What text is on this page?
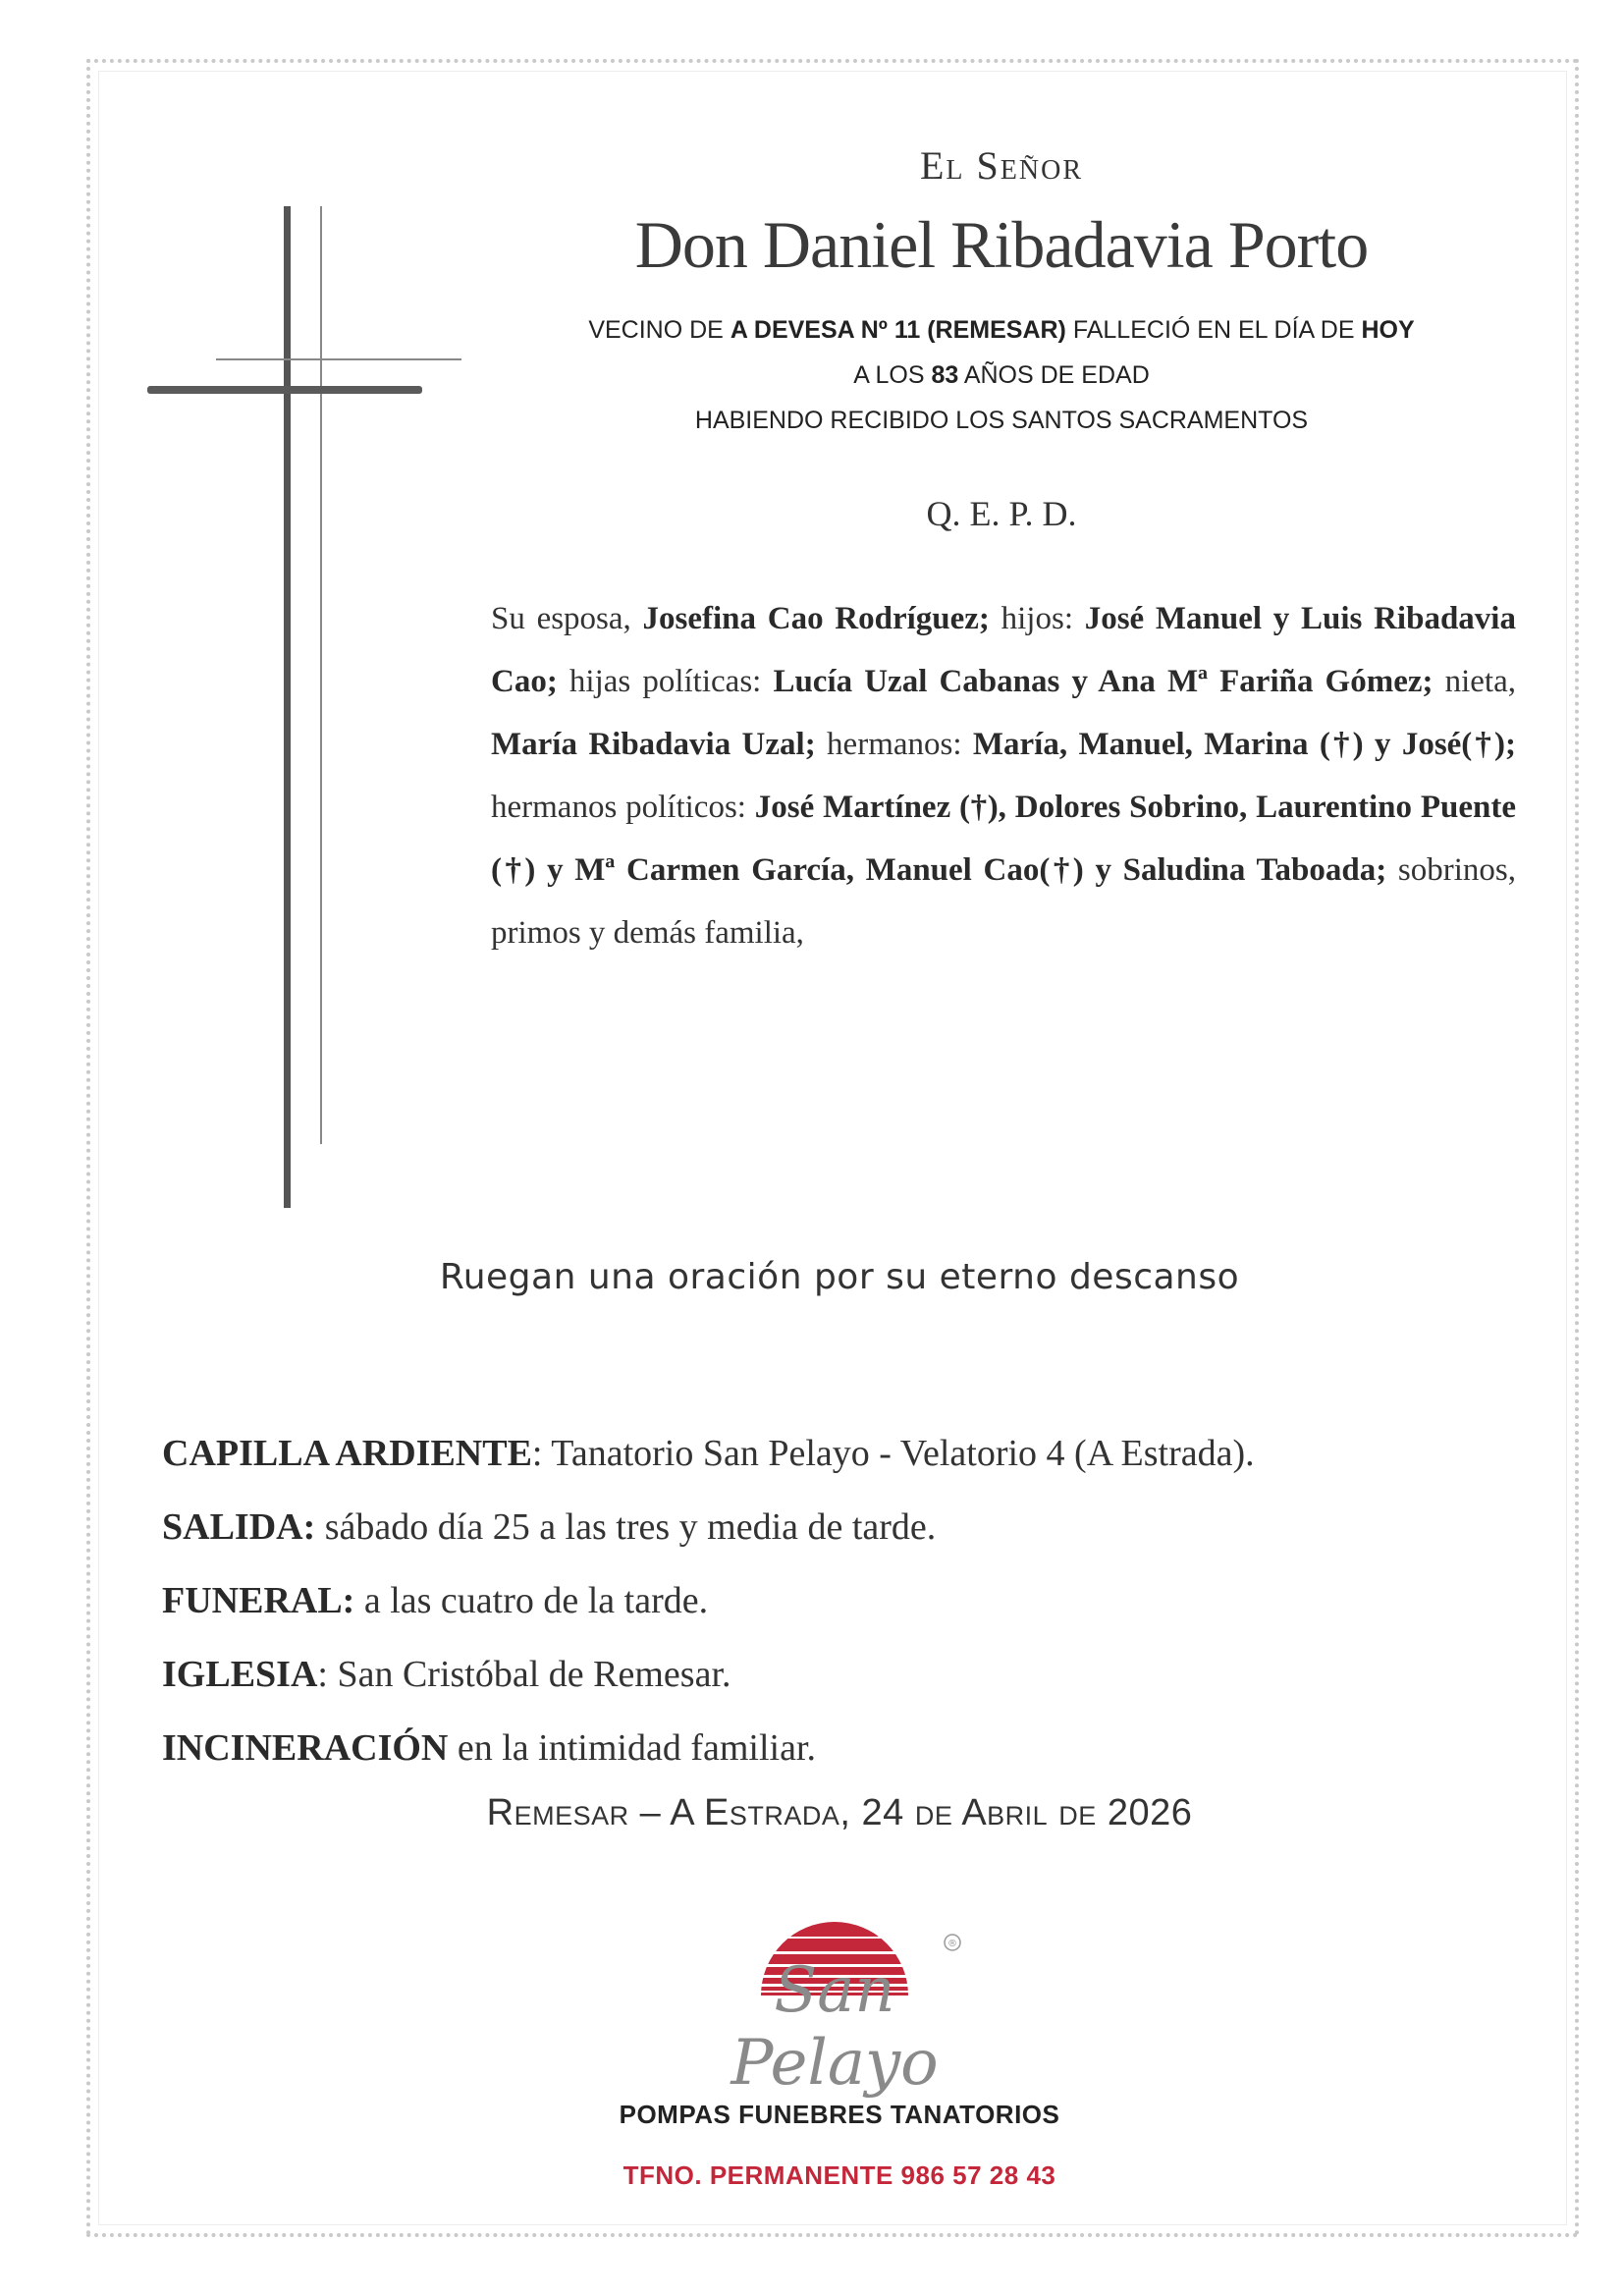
El Señor
Don Daniel Ribadavia Porto
VECINO DE A DEVESA Nº 11 (REMESAR) FALLECIÓ EN EL DÍA DE HOY
A LOS 83 AÑOS DE EDAD
HABIENDO RECIBIDO LOS SANTOS SACRAMENTOS
Q. E. P. D.
Su esposa, Josefina Cao Rodríguez; hijos: José Manuel y Luis Ribadavia Cao; hijas políticas: Lucía Uzal Cabanas y Ana Mª Fariña Gómez; nieta, María Ribadavia Uzal; hermanos: María, Manuel, Marina (†) y José(†); hermanos políticos: José Martínez (†), Dolores Sobrino, Laurentino Puente (†) y Mª Carmen García, Manuel Cao(†) y Saludina Taboada; sobrinos, primos y demás familia,
Ruegan una oración por su eterno descanso
CAPILLA ARDIENTE: Tanatorio San Pelayo - Velatorio 4 (A Estrada).
SALIDA: sábado día 25 a las tres y media de tarde.
FUNERAL: a las cuatro de la tarde.
IGLESIA: San Cristóbal de Remesar.
INCINERACIÓN en la intimidad familiar.
Remesar – A Estrada, 24 de Abril de 2026
®
San Pelayo
POMPAS FUNEBRES TANATORIOS
TFNO. PERMANENTE 986 57 28 43
